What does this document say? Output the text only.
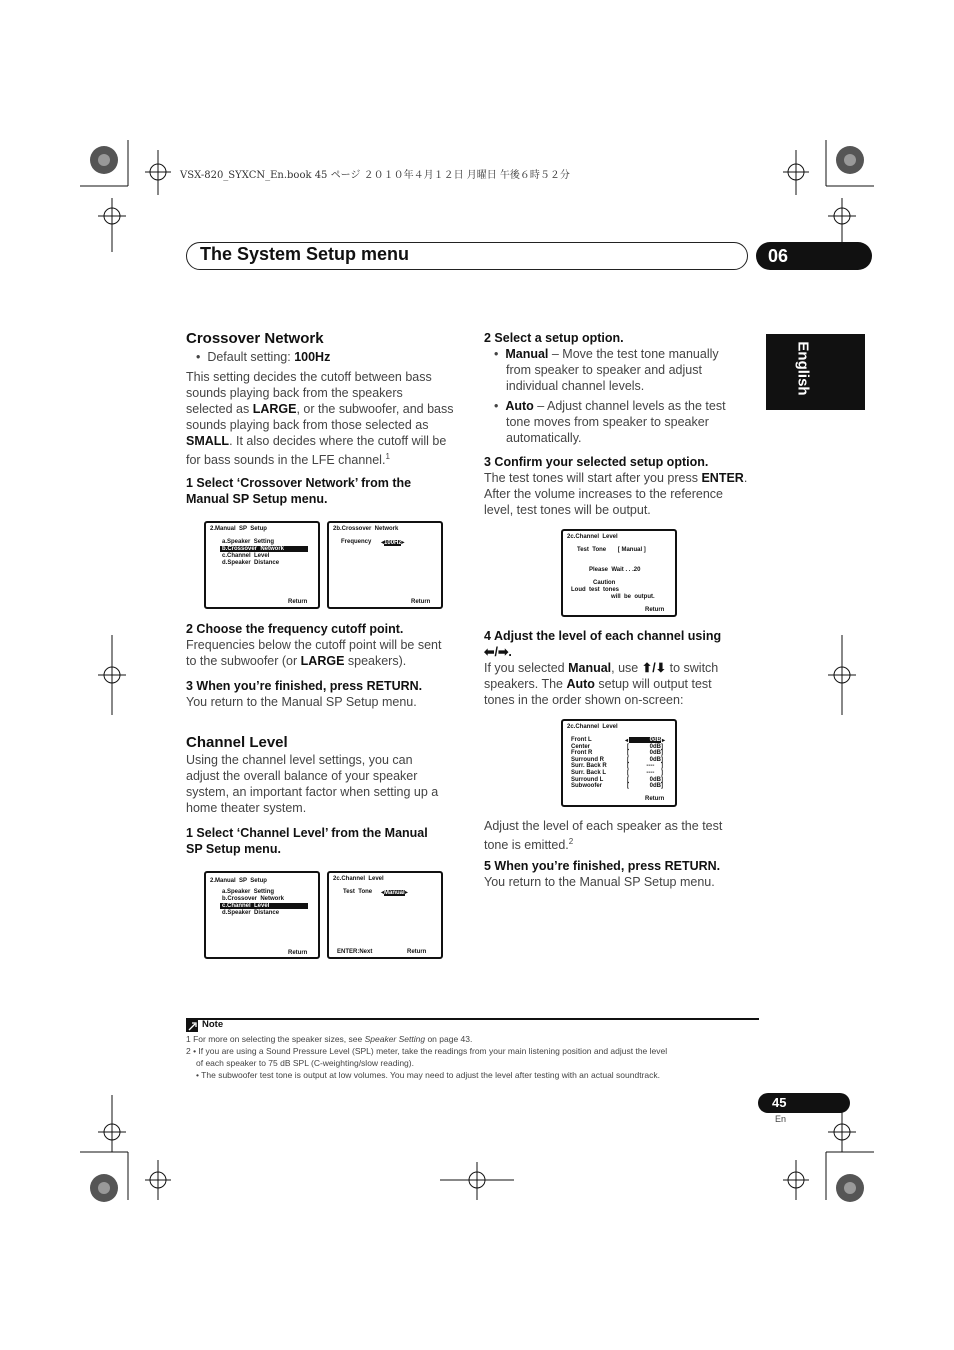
VSX-820_SYXCN_En.book 45 ページ ２０１０年４月１２日 月曜日 午後６時５２分
The System Setup menu	06
English
Crossover Network
•  Default setting: 100Hz
This setting decides the cutoff between bass
sounds playing back from the speakers
selected as LARGE, or the subwoofer, and bass
sounds playing back from those selected as
SMALL. It also decides where the cutoff will be
for bass sounds in the LFE channel.$^1$
1 Select ‘Crossover Network’ from the
Manual SP Setup menu.
2.Manual  SP  Setup
a.Speaker  Setting
b.Crossover  Network
c.Channel  Level
d.Speaker  Distance
Return
2b.Crossover  Network
Frequency ◂100Hz▸
Return
2 Choose the frequency cutoff point.
Frequencies below the cutoff point will be sent
to the subwoofer (or LARGE speakers).
3 When you’re finished, press RETURN.
You return to the Manual SP Setup menu.
Channel Level
Using the channel level settings, you can
adjust the overall balance of your speaker
system, an important factor when setting up a
home theater system.
1 Select ‘Channel Level’ from the Manual
SP Setup menu.
2.Manual  SP  Setup
a.Speaker  Setting
b.Crossover  Network
c.Channel  Level
d.Speaker  Distance
Return
2c.Channel  Level
Test  Tone ◂Manual▸
ENTER:Next	Return
2 Select a setup option.
•  Manual – Move the test tone manually
from speaker to speaker and adjust
individual channel levels.
•  Auto – Adjust channel levels as the test
tone moves from speaker to speaker
automatically.
3 Confirm your selected setup option.
The test tones will start after you press ENTER.
After the volume increases to the reference
level, test tones will be output.
2c.Channel  Level
Test  Tone       [ Manual ]
Please  Wait . . .20
Caution
Loud  test  tones
will  be  output.
Return
4 Adjust the level of each channel using
⬅/➡.
If you selected Manual, use ⬆/⬇ to switch
speakers. The Auto setup will output test
tones in the order shown on-screen:
2c.Channel  Level
Front L	0dB
◂	▸
Center	0dB]
[
Front R	0dB]
[
Surround R	0dB]
[
Surr. Back R	----    ]
[
Surr. Back L	----    ]
[
Surround L	0dB]
[
Subwoofer	0dB]
[
Return
Adjust the level of each speaker as the test
tone is emitted.$^2$
5 When you’re finished, press RETURN.
You return to the Manual SP Setup menu.
Note
1 For more on selecting the speaker sizes, see Speaker Setting on page 43.
2 • If you are using a Sound Pressure Level (SPL) meter, take the readings from your main listening position and adjust the level
of each speaker to 75 dB SPL (C-weighting/slow reading).
• The subwoofer test tone is output at low volumes. You may need to adjust the level after testing with an actual soundtrack.
45
En
